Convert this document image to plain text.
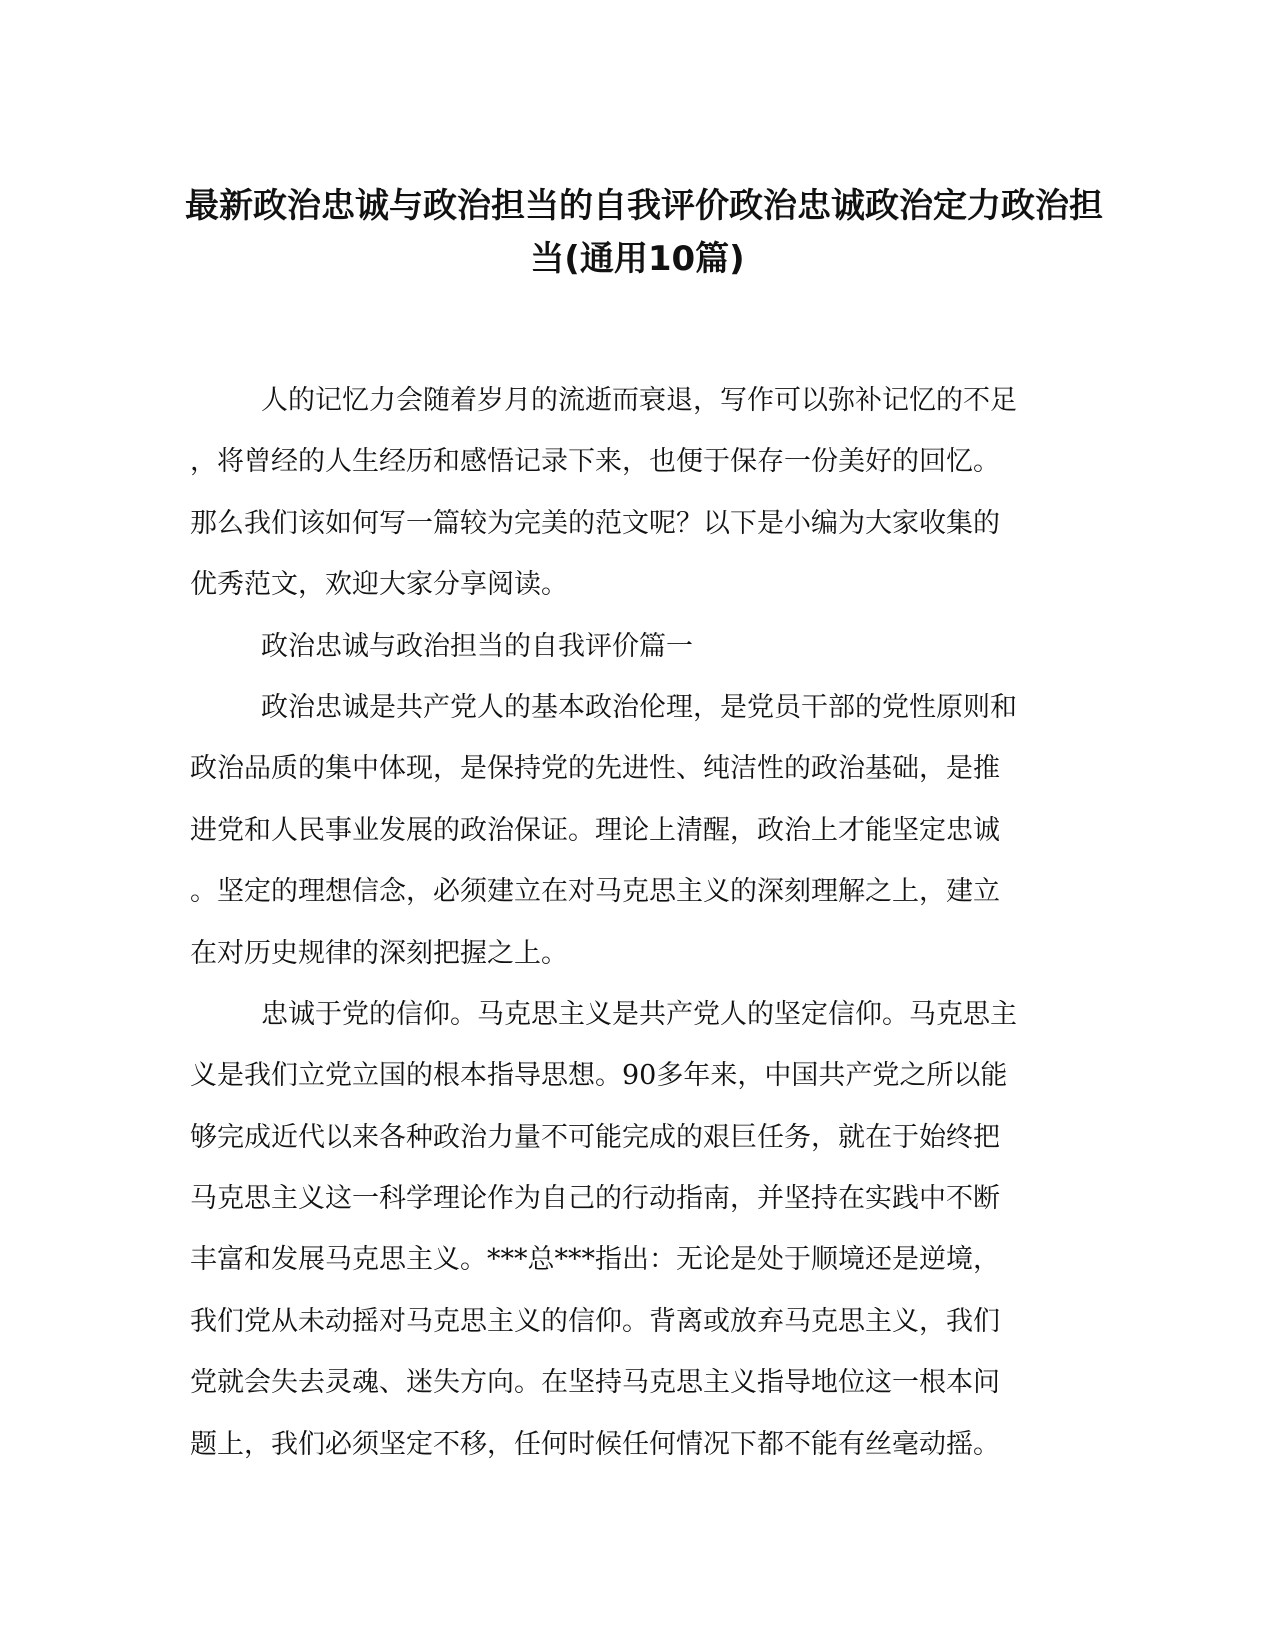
最新政治忠诚与政治担当的自我评价政治忠诚政治定力政治担
当(通用10篇)
人的记忆力会随着岁月的流逝而衰退，写作可以弥补记忆的不足
，将曾经的人生经历和感悟记录下来，也便于保存一份美好的回忆。
那么我们该如何写一篇较为完美的范文呢？以下是小编为大家收集的
优秀范文，欢迎大家分享阅读。
政治忠诚与政治担当的自我评价篇一
政治忠诚是共产党人的基本政治伦理，是党员干部的党性原则和
政治品质的集中体现，是保持党的先进性、纯洁性的政治基础，是推
进党和人民事业发展的政治保证。理论上清醒，政治上才能坚定忠诚
。坚定的理想信念，必须建立在对马克思主义的深刻理解之上，建立
在对历史规律的深刻把握之上。
忠诚于党的信仰。马克思主义是共产党人的坚定信仰。马克思主
义是我们立党立国的根本指导思想。90多年来，中国共产党之所以能
够完成近代以来各种政治力量不可能完成的艰巨任务，就在于始终把
马克思主义这一科学理论作为自己的行动指南，并坚持在实践中不断
丰富和发展马克思主义。***总***指出：无论是处于顺境还是逆境，
我们党从未动摇对马克思主义的信仰。背离或放弃马克思主义，我们
党就会失去灵魂、迷失方向。在坚持马克思主义指导地位这一根本问
题上，我们必须坚定不移，任何时候任何情况下都不能有丝毫动摇。
